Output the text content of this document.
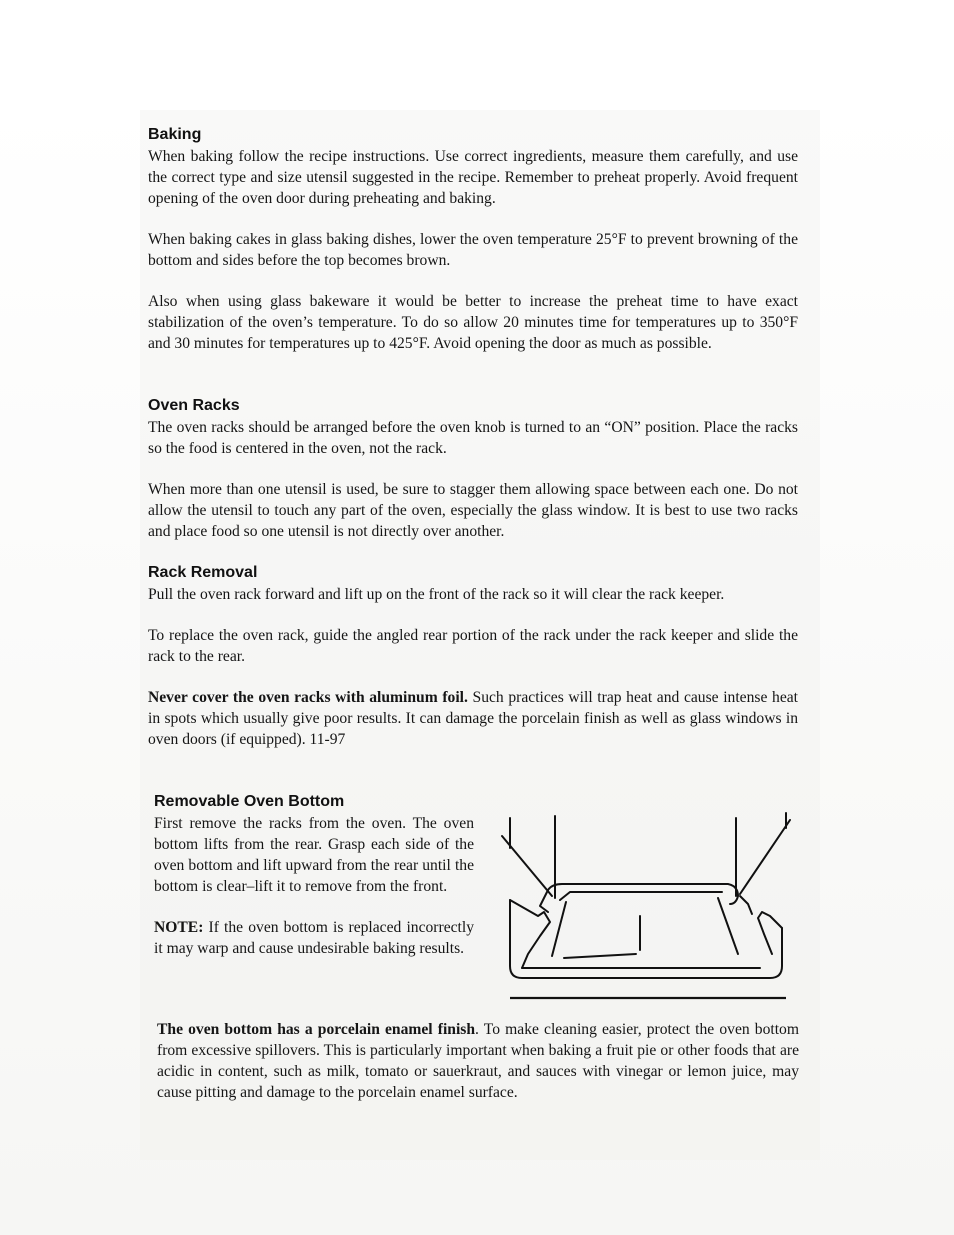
Baking

When baking follow the recipe instructions. Use correct ingredients, measure them carefully, and use the correct type and size utensil suggested in the recipe. Remember to preheat properly. Avoid frequent opening of the oven door during preheating and baking.

When baking cakes in glass baking dishes, lower the oven temperature 25°F to prevent browning of the bottom and sides before the top becomes brown.

Also when using glass bakeware it would be better to increase the preheat time to have exact stabilization of the oven’s temperature. To do so allow 20 minutes time for temperatures up to 350°F and 30 minutes for temperatures up to 425°F. Avoid opening the door as much as possible.

Oven Racks

The oven racks should be arranged before the oven knob is turned to an “ON” position. Place the racks so the food is centered in the oven, not the rack.

When more than one utensil is used, be sure to stagger them allowing space between each one. Do not allow the utensil to touch any part of the oven, especially the glass window. It is best to use two racks and place food so one utensil is not directly over another.

Rack Removal

Pull the oven rack forward and lift up on the front of the rack so it will clear the rack keeper.

To replace the oven rack, guide the angled rear portion of the rack under the rack keeper and slide the rack to the rear.

Never cover the oven racks with aluminum foil. Such practices will trap heat and cause intense heat in spots which usually give poor results. It can damage the porcelain finish as well as glass windows in oven doors (if equipped). 11-97

Removable Oven Bottom

First remove the racks from the oven. The oven bottom lifts from the rear. Grasp each side of the oven bottom and lift upward from the rear until the bottom is clear–lift it to remove from the front.

NOTE: If the oven bottom is replaced incorrectly it may warp and cause undesirable baking results.

The oven bottom has a porcelain enamel finish. To make cleaning easier, protect the oven bottom from excessive spillovers. This is particularly important when baking a fruit pie or other foods that are acidic in content, such as milk, tomato or sauerkraut, and sauces with vinegar or lemon juice, may cause pitting and damage to the porcelain enamel surface.
